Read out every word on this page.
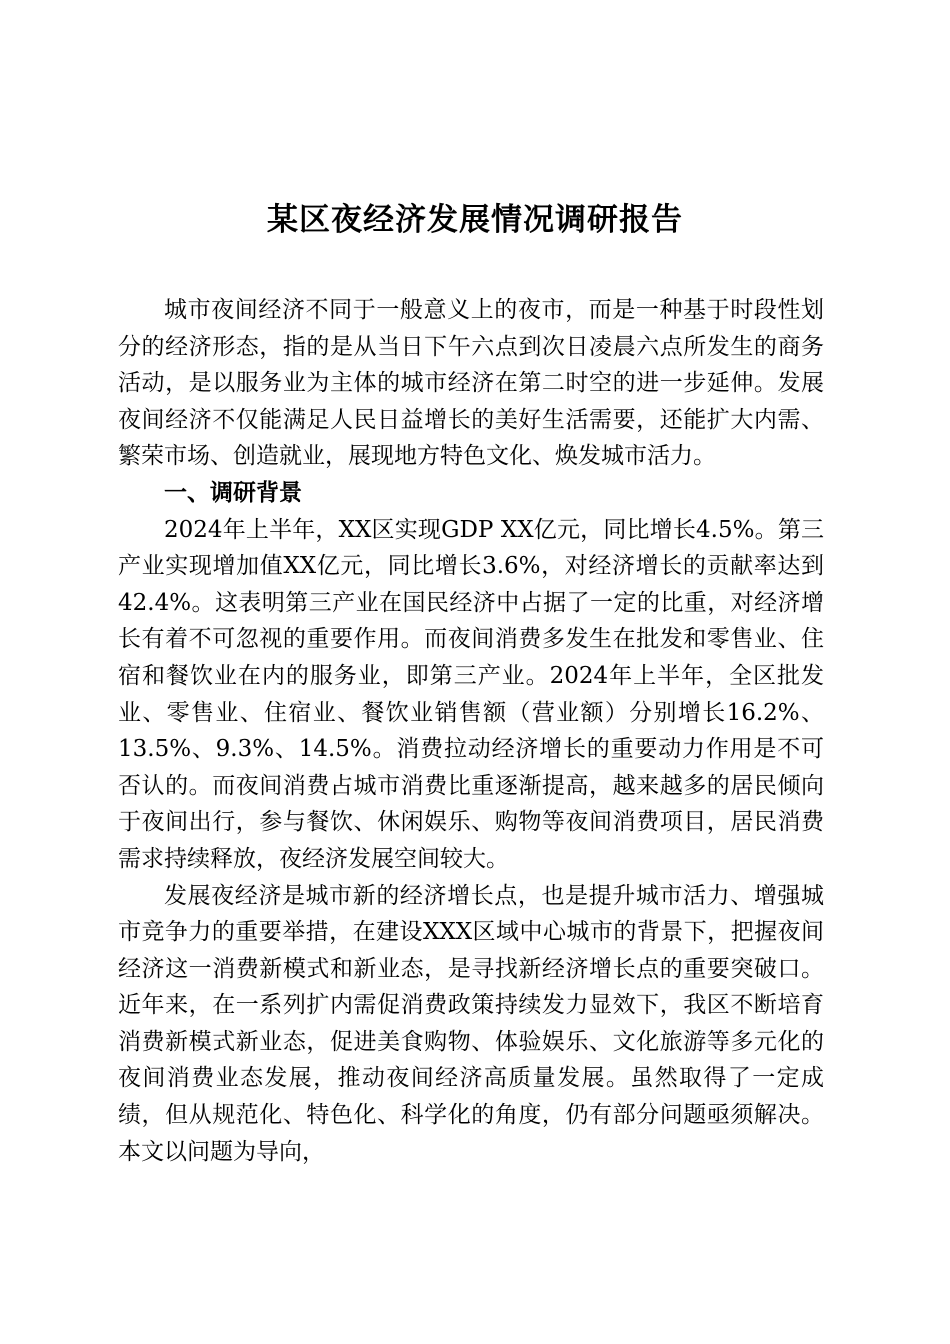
某区夜经济发展情况调研报告

城市夜间经济不同于一般意义上的夜市，而是一种基于时段性划分的经济形态，指的是从当日下午六点到次日凌晨六点所发生的商务活动，是以服务业为主体的城市经济在第二时空的进一步延伸。发展夜间经济不仅能满足人民日益增长的美好生活需要，还能扩大内需、繁荣市场、创造就业，展现地方特色文化、焕发城市活力。

一、调研背景

2024年上半年，XX区实现GDP XX亿元，同比增长4.5%。第三产业实现增加值XX亿元，同比增长3.6%，对经济增长的贡献率达到42.4%。这表明第三产业在国民经济中占据了一定的比重，对经济增长有着不可忽视的重要作用。而夜间消费多发生在批发和零售业、住宿和餐饮业在内的服务业，即第三产业。2024年上半年，全区批发业、零售业、住宿业、餐饮业销售额（营业额）分别增长16.2%、13.5%、9.3%、14.5%。消费拉动经济增长的重要动力作用是不可否认的。而夜间消费占城市消费比重逐渐提高，越来越多的居民倾向于夜间出行，参与餐饮、休闲娱乐、购物等夜间消费项目，居民消费需求持续释放，夜经济发展空间较大。

发展夜经济是城市新的经济增长点，也是提升城市活力、增强城市竞争力的重要举措，在建设XXX区域中心城市的背景下，把握夜间经济这一消费新模式和新业态，是寻找新经济增长点的重要突破口。近年来，在一系列扩内需促消费政策持续发力显效下，我区不断培育消费新模式新业态，促进美食购物、体验娱乐、文化旅游等多元化的夜间消费业态发展，推动夜间经济高质量发展。虽然取得了一定成绩，但从规范化、特色化、科学化的角度，仍有部分问题亟须解决。本文以问题为导向，
